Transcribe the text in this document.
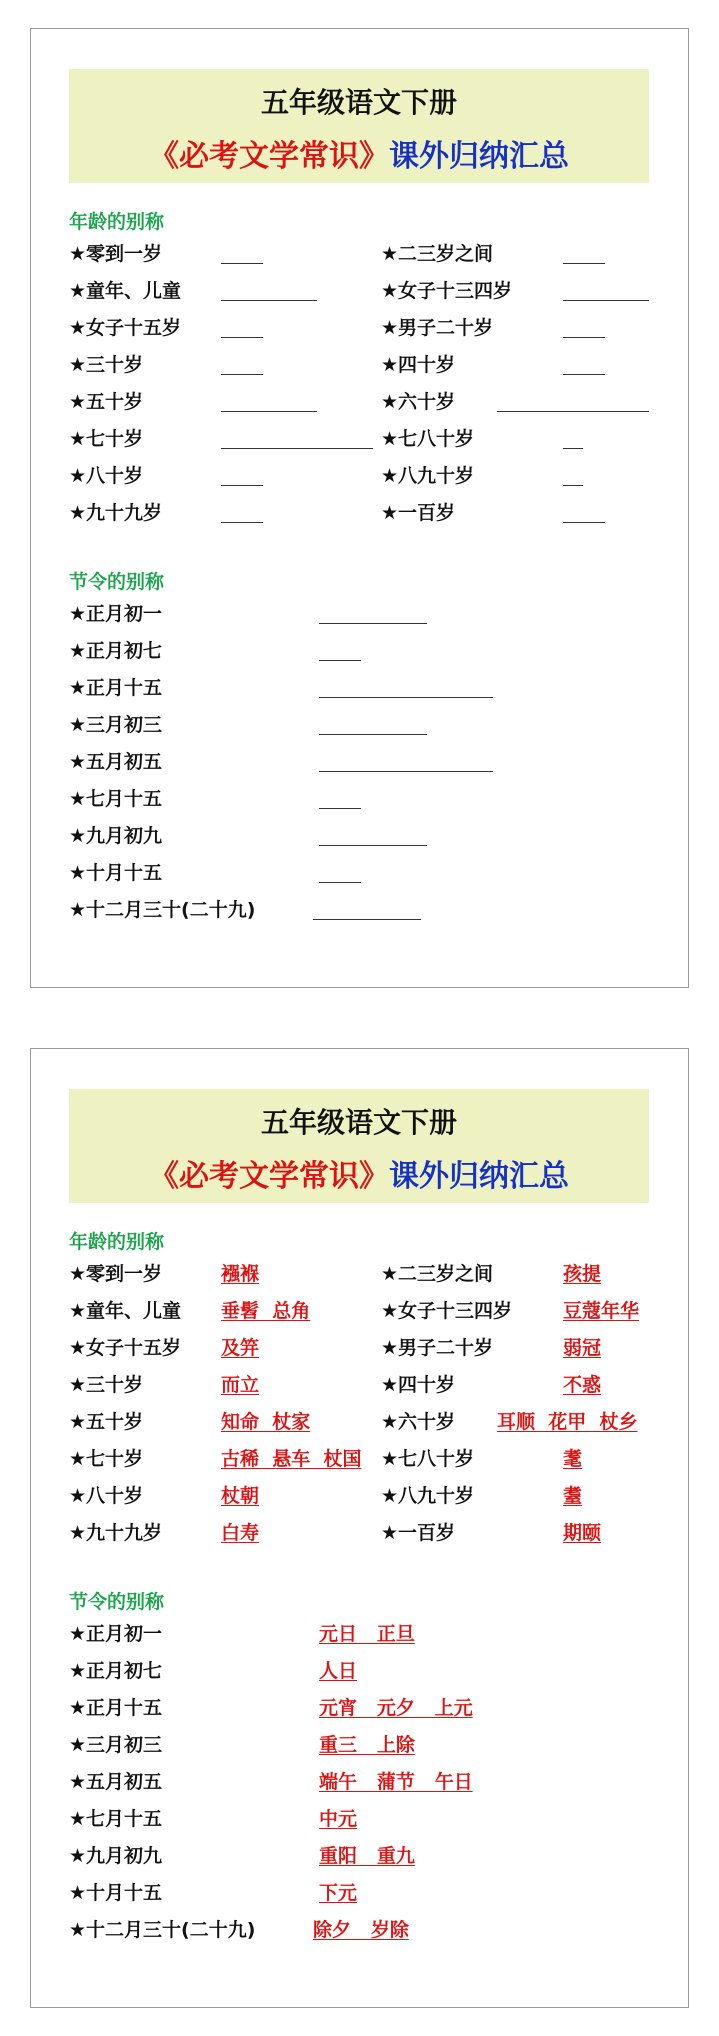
五年级语文下册
《必考文学常识》课外归纳汇总
年龄的别称
★零到一岁	★二三岁之间
★童年、儿童	★女子十三四岁
★女子十五岁	★男子二十岁
★三十岁	★四十岁
★五十岁	★六十岁
★七十岁	★七八十岁
★八十岁	★八九十岁
★九十九岁	★一百岁
节令的别称
★正月初一
★正月初七
★正月十五
★三月初三
★五月初五
★七月十五
★九月初九
★十月十五
★十二月三十(二十九)
五年级语文下册
《必考文学常识》课外归纳汇总
年龄的别称
★零到一岁	襁褓	★二三岁之间	孩提
★童年、儿童 垂髫  总角	★女子十三四岁	豆蔻年华
★女子十五岁 及笄	★男子二十岁	弱冠
★三十岁	而立	★四十岁	不惑
★五十岁	知命  杖家	★六十岁 耳顺  花甲  杖乡
★七十岁	古稀  悬车  杖国 ★七八十岁	耄
★八十岁	杖朝	★八九十岁	耋
★九十九岁	白寿	★一百岁	期颐
节令的别称
★正月初一	元日   正旦
★正月初七	人日
★正月十五	元宵   元夕   上元
★三月初三	重三   上除
★五月初五	端午   蒲节   午日
★七月十五	中元
★九月初九	重阳   重九
★十月十五	下元
★十二月三十(二十九)	除夕   岁除
